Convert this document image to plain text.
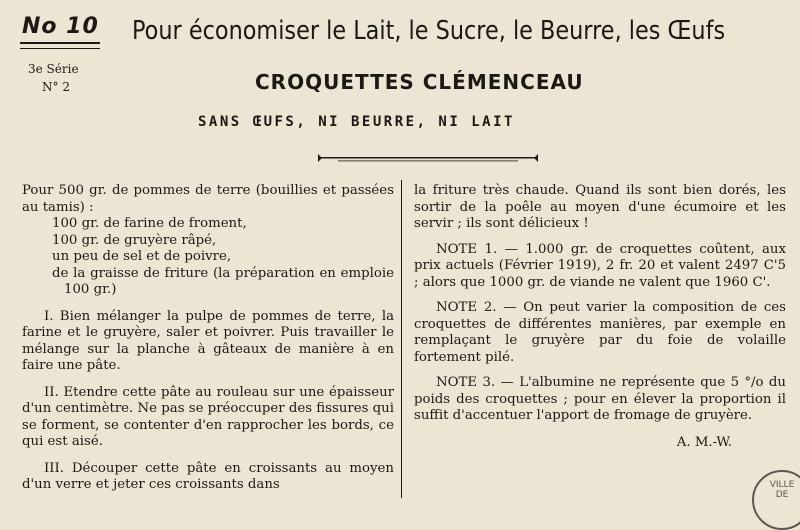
No 10
3e Série
N° 2
Pour économiser le Lait, le Sucre, le Beurre, les Œufs
CROQUETTES CLÉMENCEAU
SANS ŒUFS, NI BEURRE, NI LAIT

Pour 500 gr. de pommes de terre (bouillies et passées au tamis) :

100 gr. de farine de froment,

100 gr. de gruyère râpé,

un peu de sel et de poivre,

de la graisse de friture (la préparation en emploie 100 gr.)

I. Bien mélanger la pulpe de pommes de terre, la farine et le gruyère, saler et poivrer. Puis travailler le mélange sur la planche à gâteaux de manière à en faire une pâte.

II. Etendre cette pâte au rouleau sur une épaisseur d'un centimètre. Ne pas se préoccuper des fissures qui se forment, se contenter d'en rapprocher les bords, ce qui est aisé.

III. Découper cette pâte en croissants au moyen d'un verre et jeter ces croissants dans

la friture très chaude. Quand ils sont bien dorés, les sortir de la poêle au moyen d'une écumoire et les servir ; ils sont délicieux !

NOTE 1. — 1.000 gr. de croquettes coûtent, aux prix actuels (Février 1919), 2 fr. 20 et valent 2497 C'5 ; alors que 1000 gr. de viande ne valent que 1960 C'.

NOTE 2. — On peut varier la composition de ces croquettes de différentes manières, par exemple en remplaçant le gruyère par du foie de volaille fortement pilé.

NOTE 3. — L'albumine ne représente que 5 °/o du poids des croquettes ; pour en élever la proportion il suffit d'accentuer l'apport de fromage de gruyère.

A. M.-W.

VILLE
DE
